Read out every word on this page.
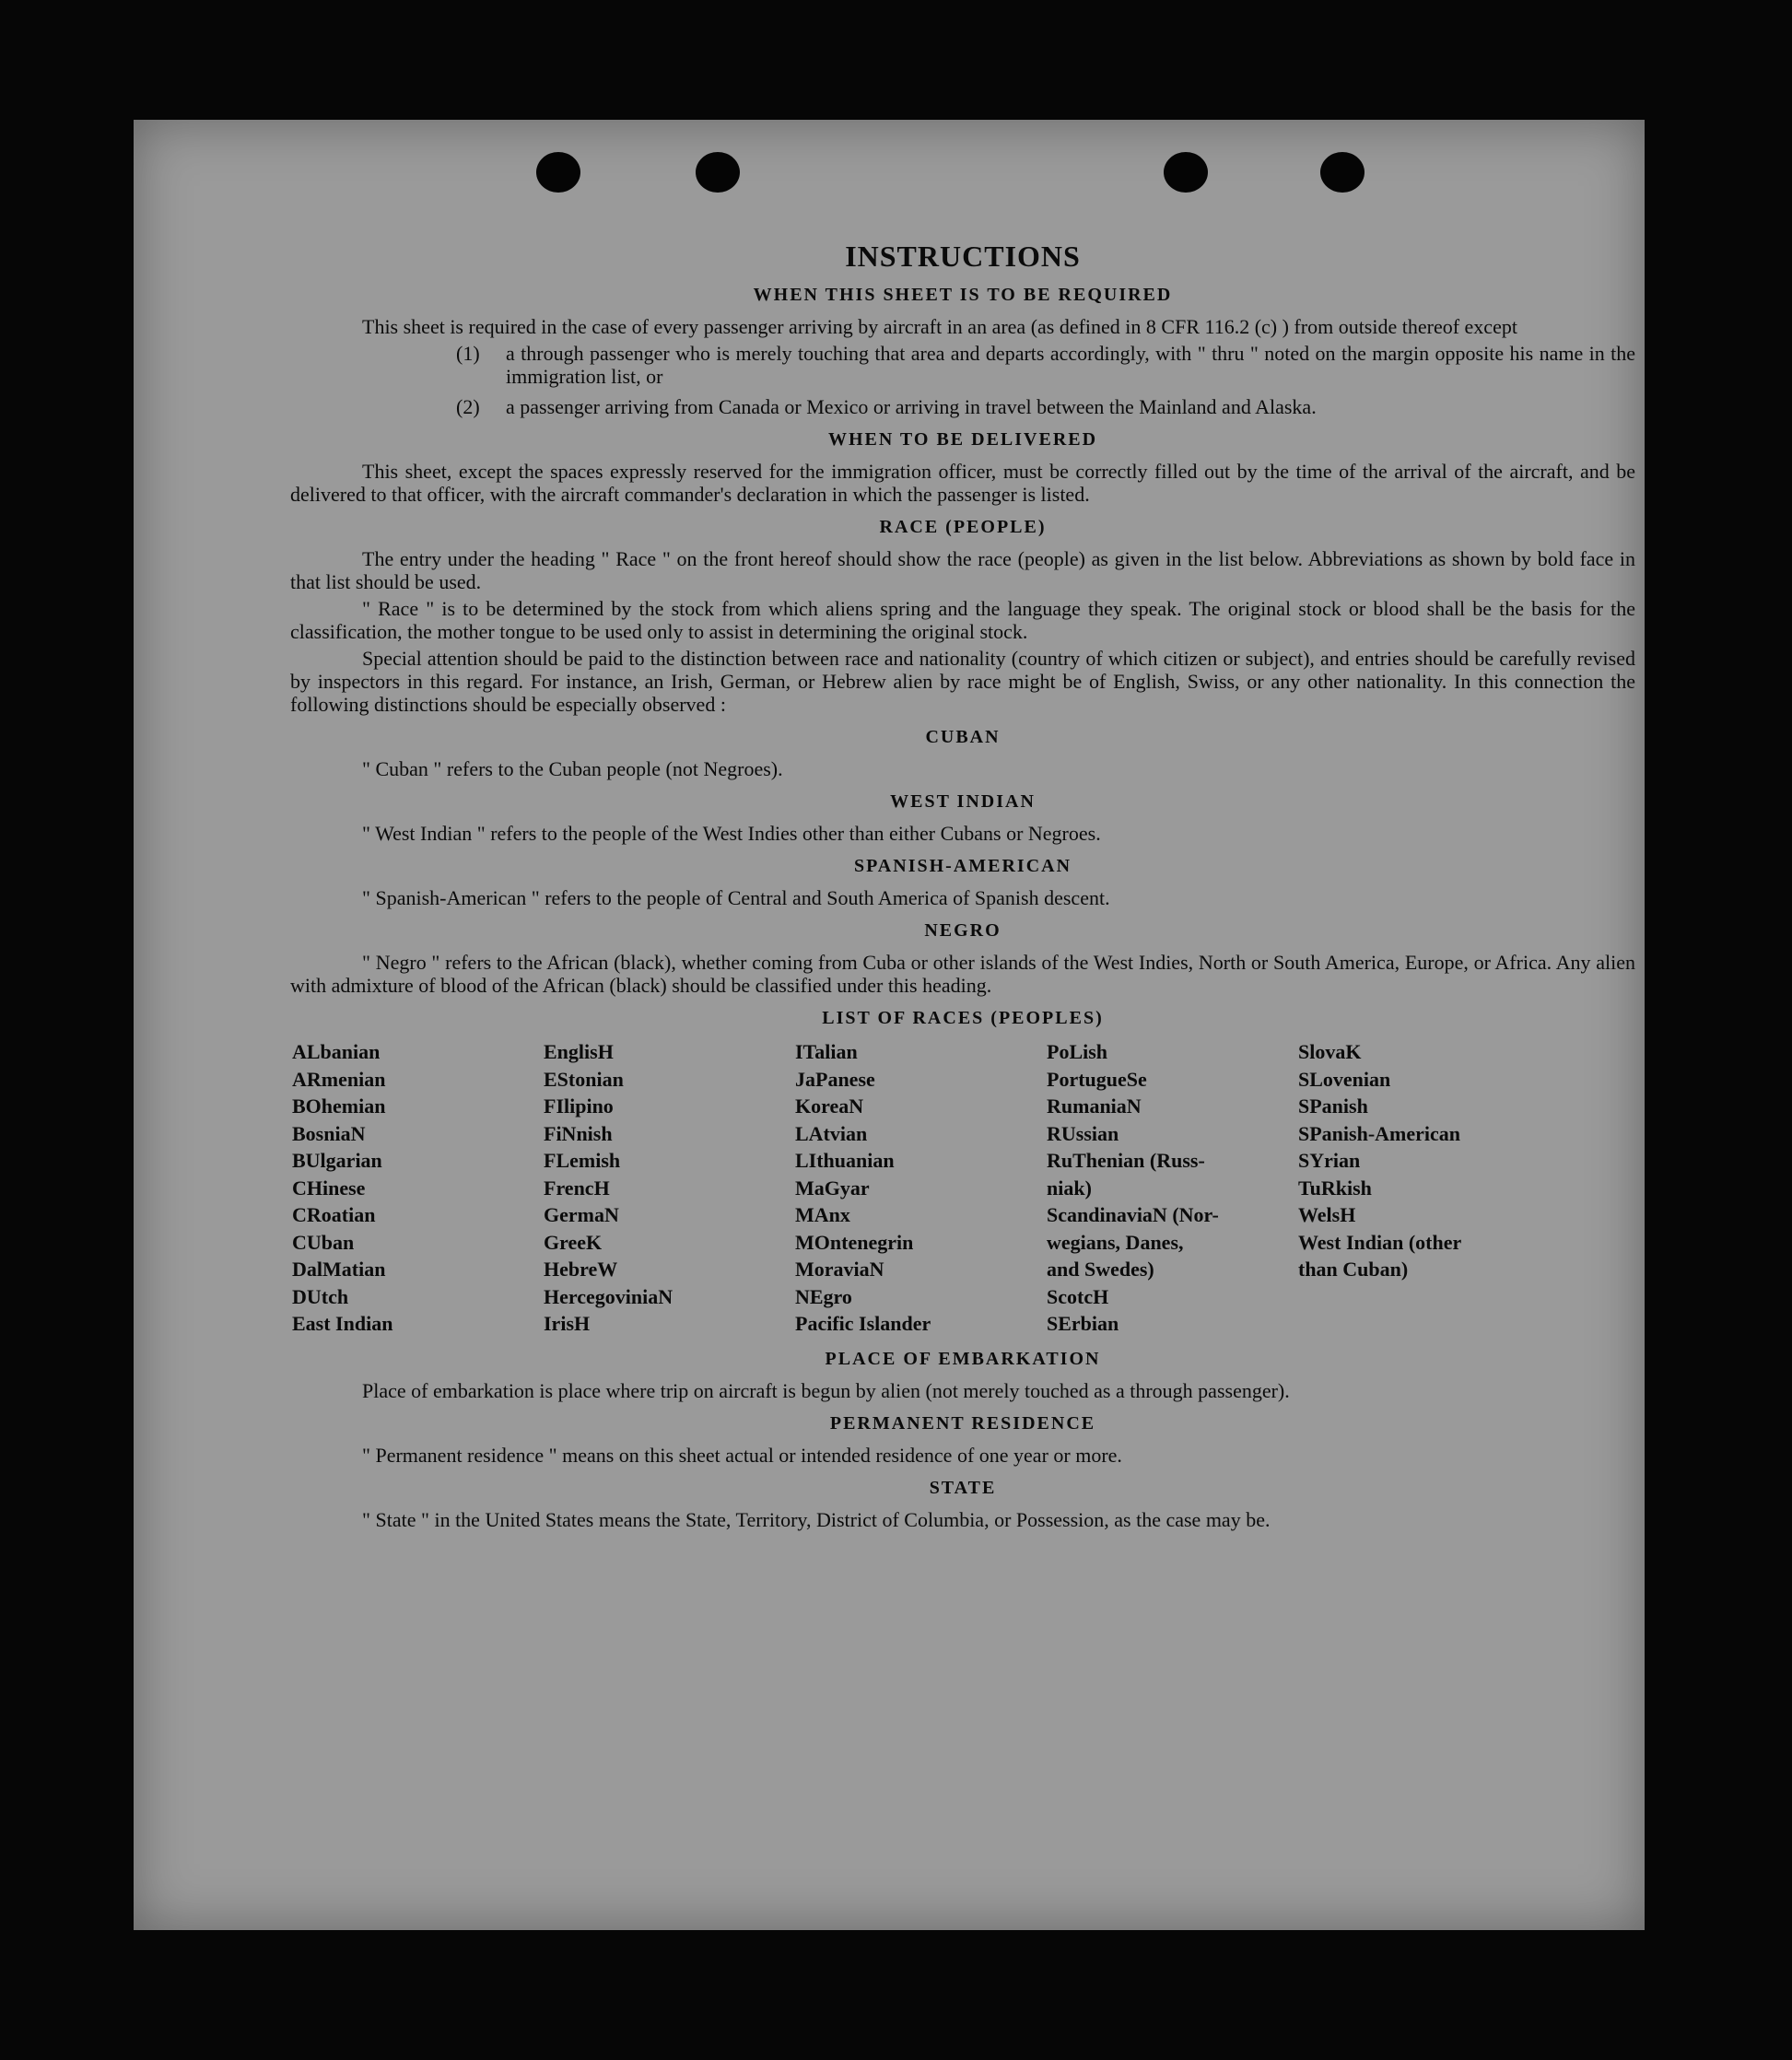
INSTRUCTIONS
WHEN THIS SHEET IS TO BE REQUIRED

This sheet is required in the case of every passenger arriving by aircraft in an area (as defined in 8 CFR 116.2 (c) ) from outside thereof except

(1) a through passenger who is merely touching that area and departs accordingly, with " thru " noted on the margin opposite his name in the immigration list, or
(2) a passenger arriving from Canada or Mexico or arriving in travel between the Mainland and Alaska.
WHEN TO BE DELIVERED

This sheet, except the spaces expressly reserved for the immigration officer, must be correctly filled out by the time of the arrival of the aircraft, and be delivered to that officer, with the aircraft commander's declaration in which the passenger is listed.

RACE (PEOPLE)

The entry under the heading " Race " on the front hereof should show the race (people) as given in the list below. Abbreviations as shown by bold face in that list should be used.

" Race " is to be determined by the stock from which aliens spring and the language they speak. The original stock or blood shall be the basis for the classification, the mother tongue to be used only to assist in determining the original stock.

Special attention should be paid to the distinction between race and nationality (country of which citizen or subject), and entries should be carefully revised by inspectors in this regard. For instance, an Irish, German, or Hebrew alien by race might be of English, Swiss, or any other nationality. In this connection the following distinctions should be especially observed :

CUBAN

" Cuban " refers to the Cuban people (not Negroes).

WEST INDIAN

" West Indian " refers to the people of the West Indies other than either Cubans or Negroes.

SPANISH-AMERICAN

" Spanish-American " refers to the people of Central and South America of Spanish descent.

NEGRO

" Negro " refers to the African (black), whether coming from Cuba or other islands of the West Indies, North or South America, Europe, or Africa. Any alien with admixture of blood of the African (black) should be classified under this heading.

LIST OF RACES (PEOPLES)
ALbanian	EnglisH	ITalian	PoLish	SlovaK
ARmenian	EStonian	JaPanese	PortugueSe	SLovenian
BOhemian	FIlipino	KoreaN	RumaniaN	SPanish
BosniaN	FiNnish	LAtvian	RUssian	SPanish-American
BUlgarian	FLemish	LIthuanian	RuThenian (Russ-	SYrian
CHinese	FrencH	MaGyar	niak)	TuRkish
CRoatian	GermaN	MAnx	ScandinaviaN (Nor-	WelsH
CUban	GreeK	MOntenegrin	wegians, Danes,	West Indian (other
DalMatian	HebreW	MoraviaN	and Swedes)	than Cuban)
DUtch	HercegoviniaN	NEgro	ScotcH
East Indian	IrisH	Pacific Islander	SErbian
PLACE OF EMBARKATION

Place of embarkation is place where trip on aircraft is begun by alien (not merely touched as a through passenger).

PERMANENT RESIDENCE

" Permanent residence " means on this sheet actual or intended residence of one year or more.

STATE

" State " in the United States means the State, Territory, District of Columbia, or Possession, as the case may be.
